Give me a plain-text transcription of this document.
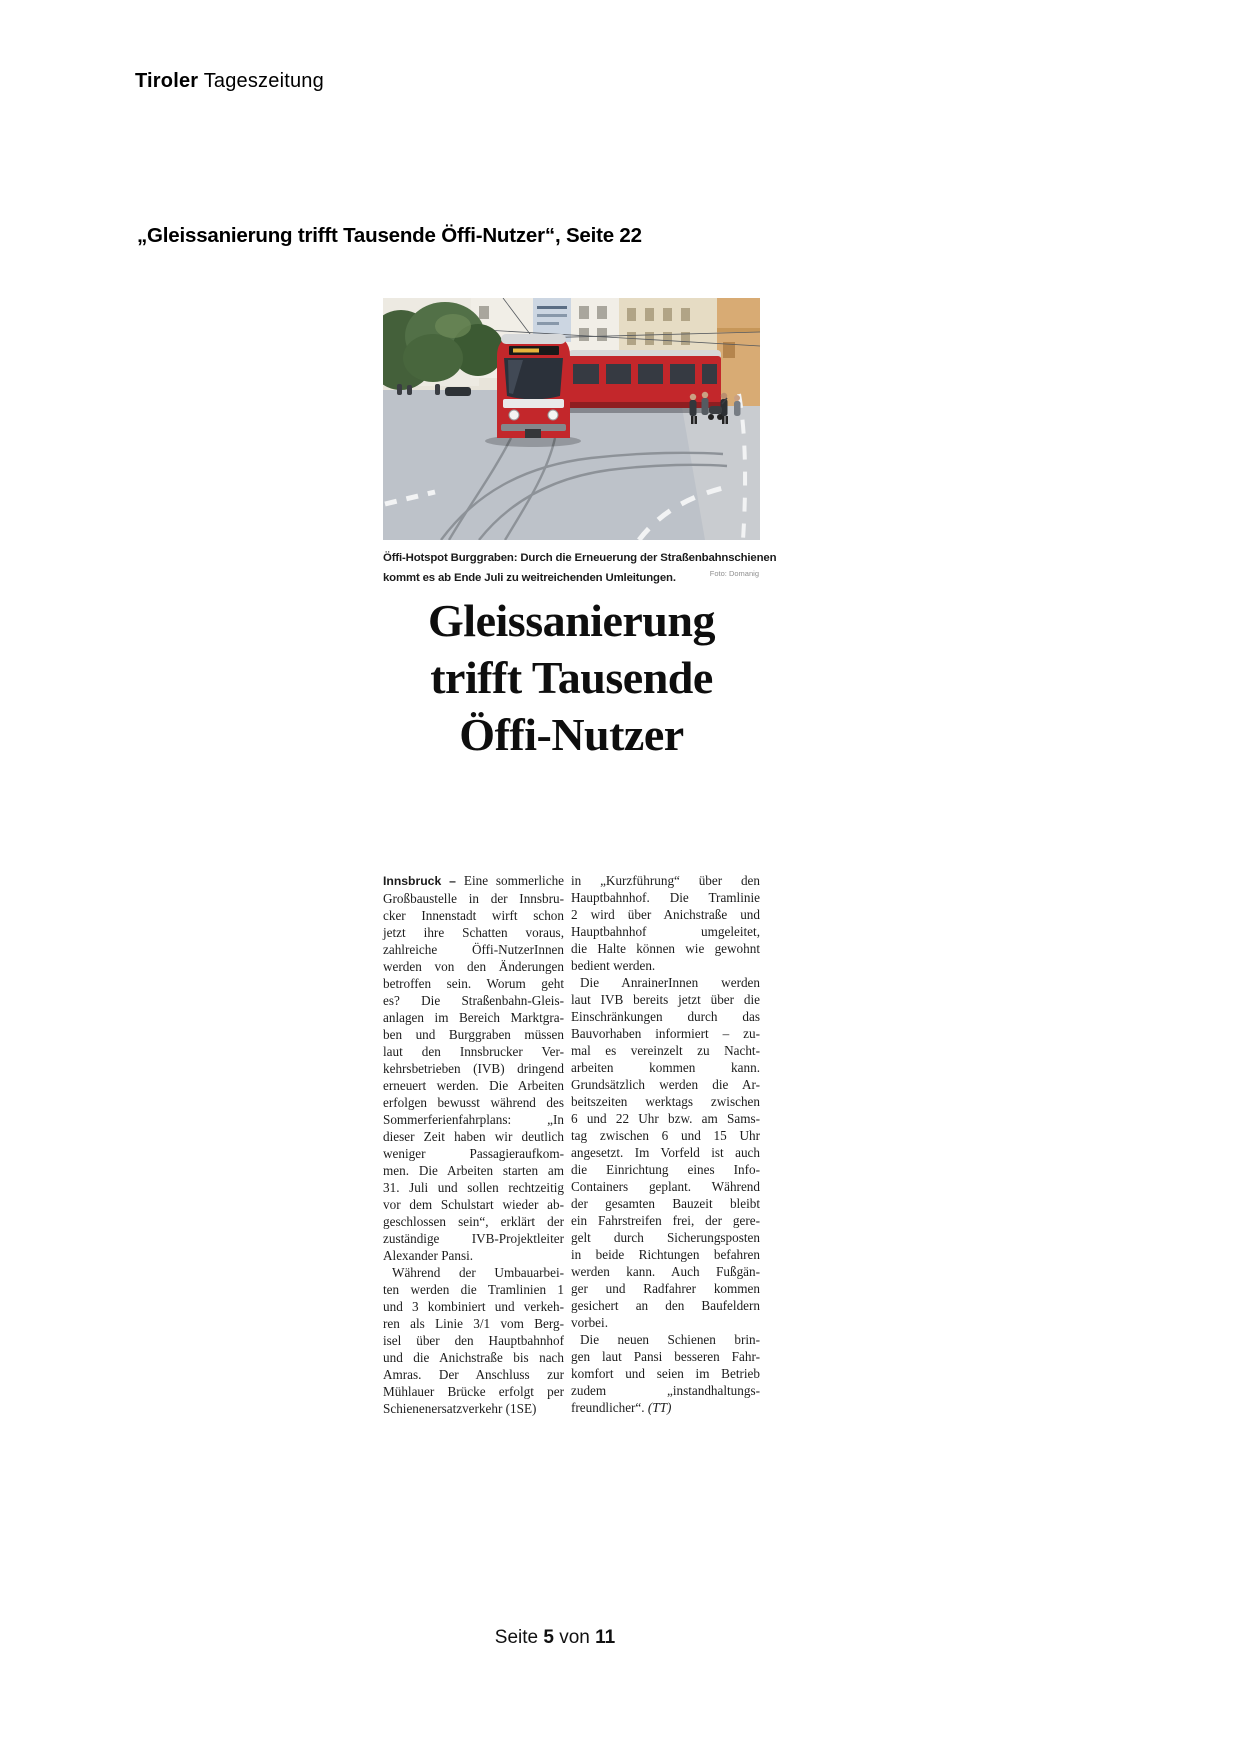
Tiroler Tageszeitung
„Gleissanierung trifft Tausende Öffi-Nutzer“, Seite 22
Öffi-Hotspot Burggraben: Durch die Erneuerung der Straßenbahnschienen
kommt es ab Ende Juli zu weitreichenden Umleitungen.	Foto: Domanig
Gleissanierung
trifft Tausende
Öffi-Nutzer
Innsbruck – Eine sommerliche
Großbaustelle in der Innsbru-
cker Innenstadt wirft schon
jetzt ihre Schatten voraus,
zahlreiche Öffi-NutzerInnen
werden von den Änderungen
betroffen sein. Worum geht
es? Die Straßenbahn-Gleis-
anlagen im Bereich Marktgra-
ben und Burggraben müssen
laut den Innsbrucker Ver-
kehrsbetrieben (IVB) dringend
erneuert werden. Die Arbeiten
erfolgen bewusst während des
Sommerferienfahrplans: „In
dieser Zeit haben wir deutlich
weniger Passagieraufkom-
men. Die Arbeiten starten am
31. Juli und sollen rechtzeitig
vor dem Schulstart wieder ab-
geschlossen sein“, erklärt der
zuständige IVB-Projektleiter
Alexander Pansi.
Während der Umbauarbei-
ten werden die Tramlinien 1
und 3 kombiniert und verkeh-
ren als Linie 3/1 vom Berg-
isel über den Hauptbahnhof
und die Anichstraße bis nach
Amras. Der Anschluss zur
Mühlauer Brücke erfolgt per
Schienenersatzverkehr (1SE)
in „Kurzführung“ über den
Hauptbahnhof. Die Tramlinie
2 wird über Anichstraße und
Hauptbahnhof umgeleitet,
die Halte können wie gewohnt
bedient werden.
Die AnrainerInnen werden
laut IVB bereits jetzt über die
Einschränkungen durch das
Bauvorhaben informiert – zu-
mal es vereinzelt zu Nacht-
arbeiten kommen kann.
Grundsätzlich werden die Ar-
beitszeiten werktags zwischen
6 und 22 Uhr bzw. am Sams-
tag zwischen 6 und 15 Uhr
angesetzt. Im Vorfeld ist auch
die Einrichtung eines Info-
Containers geplant. Während
der gesamten Bauzeit bleibt
ein Fahrstreifen frei, der gere-
gelt durch Sicherungsposten
in beide Richtungen befahren
werden kann. Auch Fußgän-
ger und Radfahrer kommen
gesichert an den Baufeldern
vorbei.
Die neuen Schienen brin-
gen laut Pansi besseren Fahr-
komfort und seien im Betrieb
zudem „instandhaltungs-
freundlicher“. (TT)
Seite 5 von 11
